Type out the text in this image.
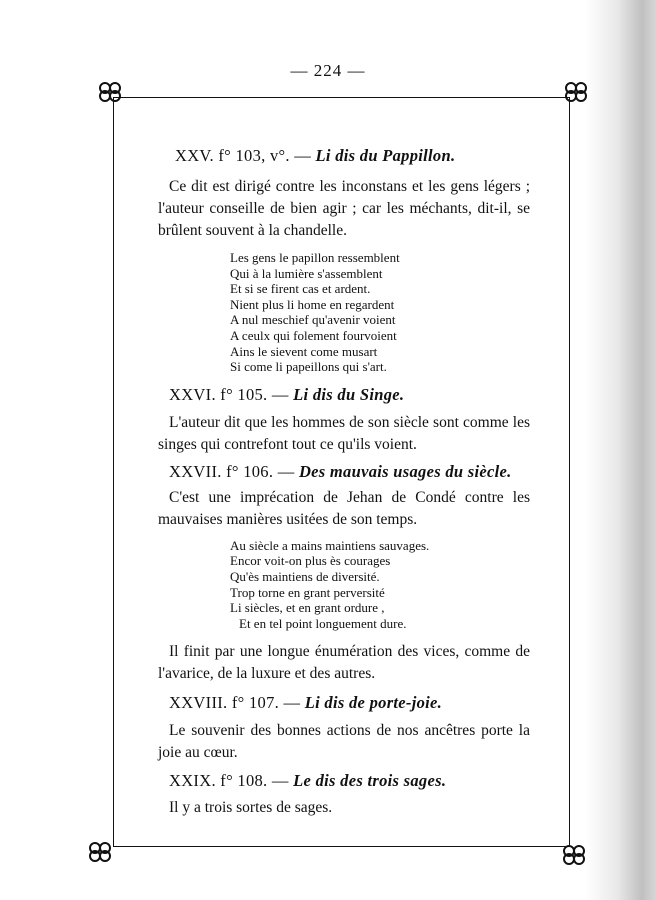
— 224 —

XXV. f° 103, v°. — Li dis du Pappillon.

Ce dit est dirigé contre les inconstans et les gens légers ; l'auteur conseille de bien agir ; car les méchants, dit-il, se brûlent souvent à la chandelle.

Les gens le papillon ressemblent
Qui à la lumière s'assemblent
Et si se firent cas et ardent.
Nient plus li home en regardent
A nul meschief qu'avenir voient
A ceulx qui folement fourvoient
Ains le sievent come musart
Si come li papeillons qui s'art.

XXVI. f° 105. — Li dis du Singe.

L'auteur dit que les hommes de son siècle sont comme les singes qui contrefont tout ce qu'ils voient.

XXVII. f° 106. — Des mauvais usages du siècle.

C'est une imprécation de Jehan de Condé contre les mauvaises manières usitées de son temps.

Au siècle a mains maintiens sauvages.
Encor voit-on plus ès courages
Qu'ès maintiens de diversité.
Trop torne en grant perversité
Li siècles, et en grant ordure ,
Et en tel point longuement dure.

Il finit par une longue énumération des vices, comme de l'avarice, de la luxure et des autres.

XXVIII. f° 107. — Li dis de porte-joie.

Le souvenir des bonnes actions de nos ancêtres porte la joie au cœur.

XXIX. f° 108. — Le dis des trois sages.

Il y a trois sortes de sages.
